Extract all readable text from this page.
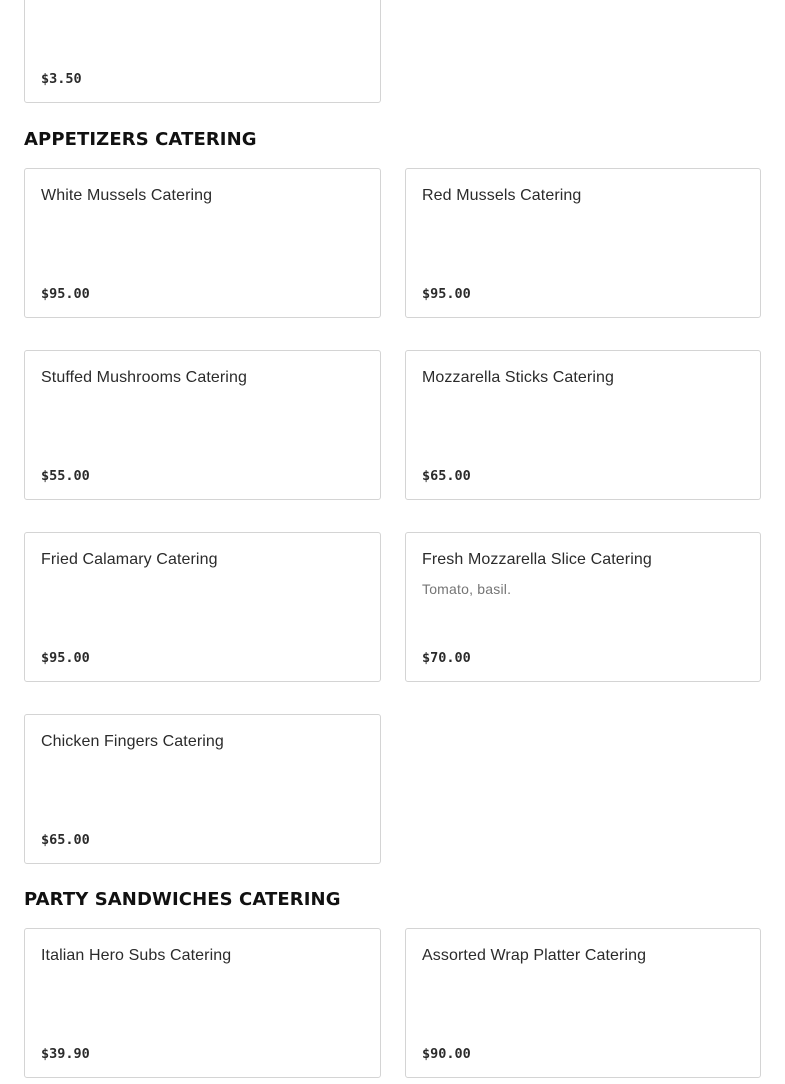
$3.50
APPETIZERS CATERING
White Mussels Catering
$95.00
Red Mussels Catering
$95.00
Stuffed Mushrooms Catering
$55.00
Mozzarella Sticks Catering
$65.00
Fried Calamary Catering
$95.00
Fresh Mozzarella Slice Catering
Tomato, basil.
$70.00
Chicken Fingers Catering
$65.00
PARTY SANDWICHES CATERING
Italian Hero Subs Catering
$39.90
Assorted Wrap Platter Catering
$90.00
